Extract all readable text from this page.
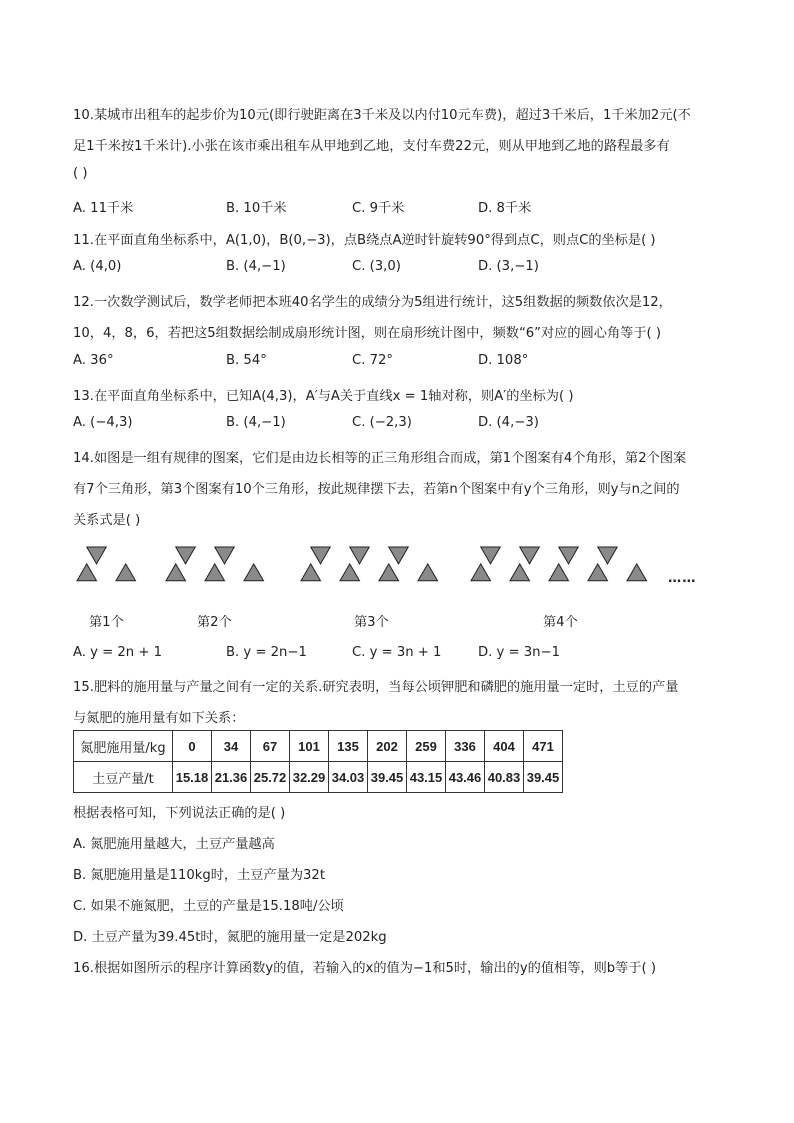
10.某城市出租车的起步价为10元(即行驶距离在3千米及以内付10元车费)，超过3千米后，1千米加2元(不
足1千米按1千米计).小张在该市乘出租车从甲地到乙地，支付车费22元，则从甲地到乙地的路程最多有
( )
A. 11千米	B. 10千米	C. 9千米	D. 8千米
11.在平面直角坐标系中，A(1,0)，B(0,−3)，点B绕点A逆时针旋转90°得到点C，则点C的坐标是( )
A. (4,0)	B. (4,−1)	C. (3,0)	D. (3,−1)
12.一次数学测试后，数学老师把本班40名学生的成绩分为5组进行统计，这5组数据的频数依次是12，
10，4，8，6，若把这5组数据绘制成扇形统计图，则在扇形统计图中，频数“6”对应的圆心角等于( )
A. 36°	B. 54°	C. 72°	D. 108°
13.在平面直角坐标系中，已知A(4,3)，A′与A关于直线x = 1轴对称，则A′的坐标为( )
A. (−4,3)	B. (4,−1)	C. (−2,3)	D. (4,−3)
14.如图是一组有规律的图案，它们是由边长相等的正三角形组合而成，第1个图案有4个角形，第2个图案
有7个三角形，第3个图案有10个三角形，按此规律摆下去，若第n个图案中有y个三角形，则y与n之间的
关系式是( )
……
第1个	第2个	第3个	第4个
A. y = 2n + 1	B. y = 2n−1	C. y = 3n + 1	D. y = 3n−1
15.肥料的施用量与产量之间有一定的关系.研究表明，当每公顷钾肥和磷肥的施用量一定时，土豆的产量
与氮肥的施用量有如下关系：
氮肥施用量/kg	0	34	67	101	135	202	259	336	404	471
土豆产量/t	15.18	21.36	25.72	32.29	34.03	39.45	43.15	43.46	40.83	39.45
根据表格可知，下列说法正确的是( )
A. 氮肥施用量越大，土豆产量越高
B. 氮肥施用量是110kg时，土豆产量为32t
C. 如果不施氮肥，土豆的产量是15.18吨/公顷
D. 土豆产量为39.45t时，氮肥的施用量一定是202kg
16.根据如图所示的程序计算函数y的值，若输入的x的值为−1和5时，输出的y的值相等，则b等于( )
